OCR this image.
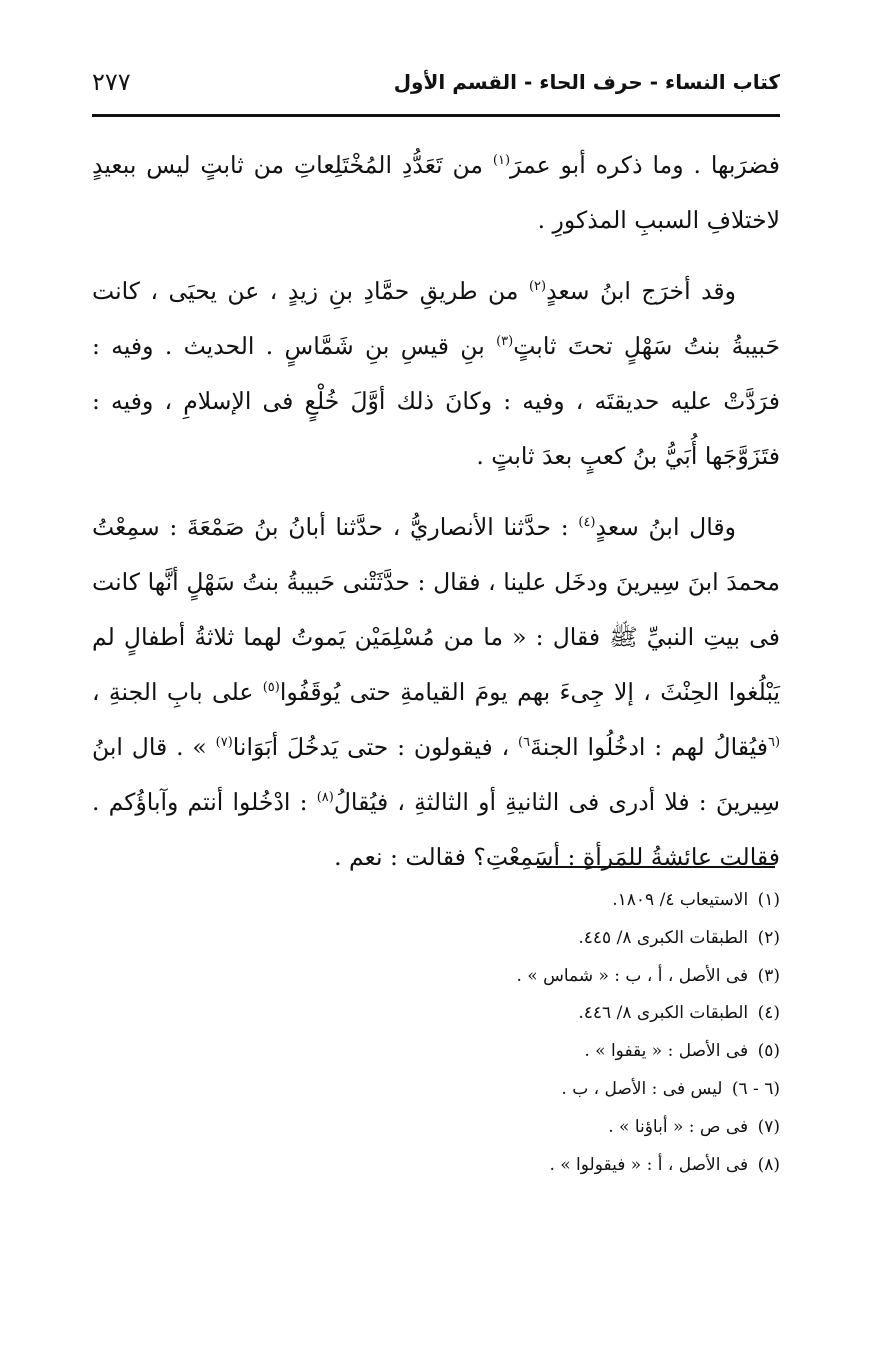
كتاب النساء - حرف الحاء - القسم الأول
٢٧٧

فضرَبها . وما ذكره أبو عمرَ$^{(١)}$ من تَعَدُّدِ المُخْتَلِعاتِ من ثابتٍ ليس ببعيدٍ لاختلافِ السببِ المذكورِ .

وقد أخرَج ابنُ سعدٍ$^{(٢)}$ من طريقِ حمَّادِ بنِ زيدٍ ، عن يحيَى ، كانت حَبيبةُ بنتُ سَهْلٍ تحتَ ثابتٍ$^{(٣)}$ بنِ قيسِ بنِ شَمَّاسٍ . الحديث . وفيه : فرَدَّتْ عليه حديقتَه ، وفيه : وكانَ ذلك أوَّلَ خُلْعٍ فى الإسلامِ ، وفيه : فتَزَوَّجَها أُبَيُّ بنُ كعبٍ بعدَ ثابتٍ .

وقال ابنُ سعدٍ$^{(٤)}$ : حدَّثنا الأنصاريُّ ، حدَّثنا أبانُ بنُ صَمْعَةَ : سمِعْتُ محمدَ ابنَ سِيرينَ ودخَل علينا ، فقال : حدَّثَتْنى حَبيبةُ بنتُ سَهْلٍ أنَّها كانت فى بيتِ النبيِّ ﷺ فقال : « ما من مُسْلِمَيْن يَموتُ لهما ثلاثةُ أطفالٍ لم يَبْلُغوا الحِنْثَ ، إلا جِىءَ بهم يومَ القيامةِ حتى يُوقَفُوا$^{(٥)}$ على بابِ الجنةِ ، $^{(٦}$فيُقالُ لهم : ادخُلُوا الجنةَ$^{٦)}$ ، فيقولون : حتى يَدخُلَ أبَوَانا$^{(٧)}$ » . قال ابنُ سِيرينَ : فلا أدرى فى الثانيةِ أو الثالثةِ ، فيُقالُ$^{(٨)}$ : ادْخُلوا أنتم وآباؤُكم . فقالت عائشةُ للمَرأةِ : أسَمِعْتِ؟ فقالت : نعم .

(١) الاستيعاب ٤/ ١٨٠٩.
(٢) الطبقات الكبرى ٨/ ٤٤٥.
(٣) فى الأصل ، أ ، ب : « شماس » .
(٤) الطبقات الكبرى ٨/ ٤٤٦.
(٥) فى الأصل : « يقفوا » .
(٦ - ٦) ليس فى : الأصل ، ب .
(٧) فى ص : « أباؤنا » .
(٨) فى الأصل ، أ : « فيقولوا » .
